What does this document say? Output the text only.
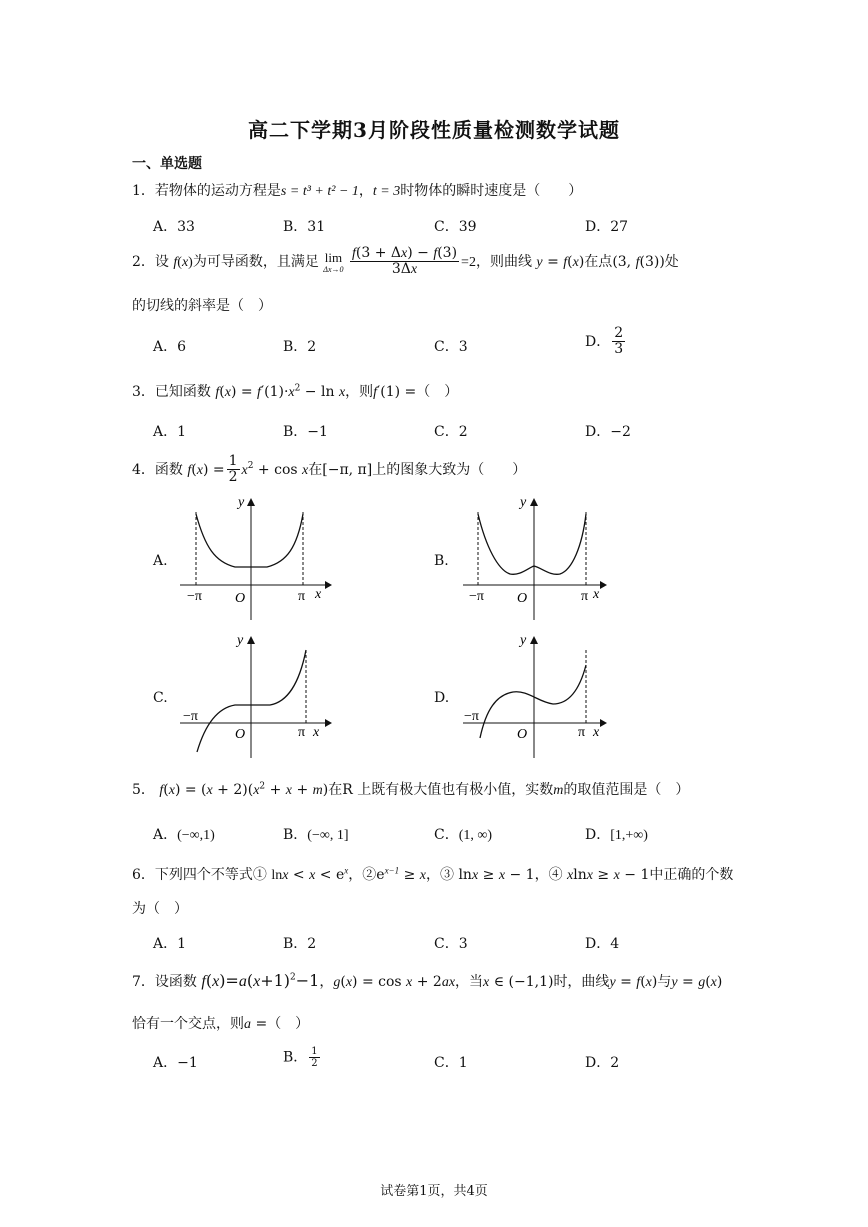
高二下学期3月阶段性质量检测数学试题
一、单选题
1．若物体的运动方程是s = t³ + t² − 1，t = 3时物体的瞬时速度是（　　）
A．33	B．31	C．39	D．27
2．设 f(x)为可导函数，且满足 lim
Δx→0
$\frac{f(3 + \Delta x) - f(3)}{3\Delta x} =2$，则曲线 y = f(x)在点(3, f(3))处
的切线的斜率是（　）
A．6	B．2	C．3	D． $\frac{2}{3}$
3．已知函数 $f(x) = f'(1)\cdot x^2 - \ln x$，则f′(1) =（　）
A．1	B．−1	C．2	D．−2
4．函数 $f(x) = \frac{1}{2} x^2 + \cos x$在[−π, π]上的图象大致为（　　）
A.	B.
C.	D.
y
x
O
−π	π
y
x
O
−π	π
y
x
O
−π
π
y
x
O
−π
π
5． $f(x) = (x + 2)(x^2 + x + m)$在R 上既有极大值也有极小值，实数m的取值范围是（　）
A．(−∞,1)	B．(−∞, 1]	C．(1, ∞)	D．[1,+∞)
6．下列四个不等式① $\ln x < x < e^x$，$②e^{x-1} \ge x$，③ lnx ≥ x − 1，④ xlnx ≥ x − 1中正确的个数
为（　）
A．1	B．2	C．3	D．4
7．设函数 $f(x)=a(x+1)^2-1$，g(x) = cos x + 2ax，当x ∈ (−1,1)时，曲线y = f(x)与y = g(x)
恰有一个交点，则a =（　）
A．−1	B． $\frac{1}{2}$	C．1	D．2
试卷第1页，共4页
